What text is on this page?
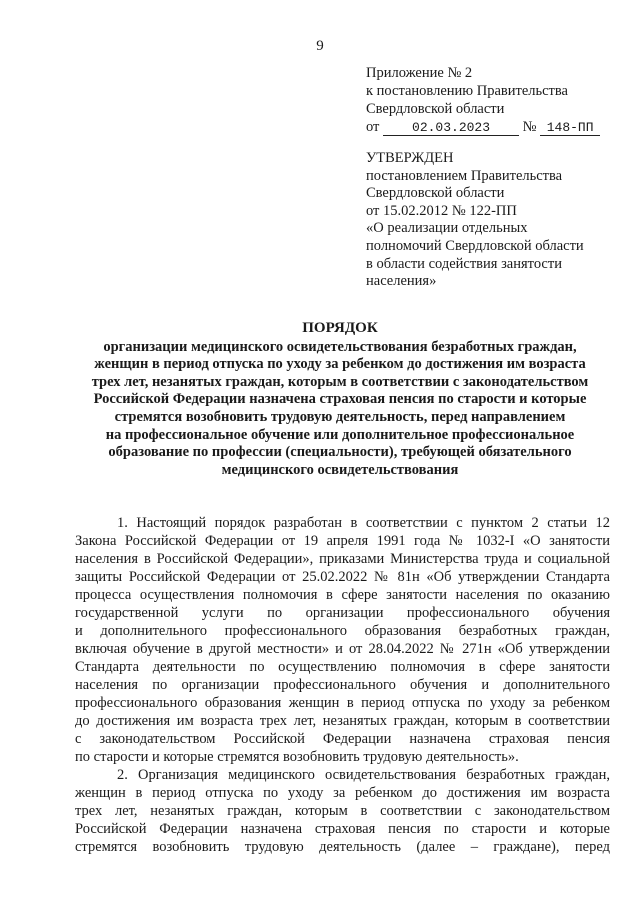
9
Приложение № 2
к постановлению Правительства
Свердловской области
от	02.03.2023 № 148-ПП
УТВЕРЖДЕН
постановлением Правительства
Свердловской области
от 15.02.2012 № 122-ПП
«О реализации отдельных
полномочий Свердловской области
в области содействия занятости
населения»
ПОРЯДОК
организации медицинского освидетельствования безработных граждан,
женщин в период отпуска по уходу за ребенком до достижения им возраста
трех лет, незанятых граждан, которым в соответствии с законодательством
Российской Федерации назначена страховая пенсия по старости и которые
стремятся возобновить трудовую деятельность, перед направлением
на профессиональное обучение или дополнительное профессиональное
образование по профессии (специальности), требующей обязательного
медицинского освидетельствования
1. Настоящий порядок разработан в соответствии с пунктом 2 статьи 12
Закона Российской Федерации от 19 апреля 1991 года № 1032-I «О занятости
населения в Российской Федерации», приказами Министерства труда и социальной
защиты Российской Федерации от 25.02.2022 № 81н «Об утверждении Стандарта
процесса осуществления полномочия в сфере занятости населения по оказанию
государственной услуги по организации профессионального обучения
и дополнительного профессионального образования безработных граждан,
включая обучение в другой местности» и от 28.04.2022 № 271н «Об утверждении
Стандарта деятельности по осуществлению полномочия в сфере занятости
населения по организации профессионального обучения и дополнительного
профессионального образования женщин в период отпуска по уходу за ребенком
до достижения им возраста трех лет, незанятых граждан, которым в соответствии
с законодательством Российской Федерации назначена страховая пенсия
по старости и которые стремятся возобновить трудовую деятельность».
2. Организация медицинского освидетельствования безработных граждан,
женщин в период отпуска по уходу за ребенком до достижения им возраста
трех лет, незанятых граждан, которым в соответствии с законодательством
Российской Федерации назначена страховая пенсия по старости и которые
стремятся возобновить трудовую деятельность (далее – граждане), перед
